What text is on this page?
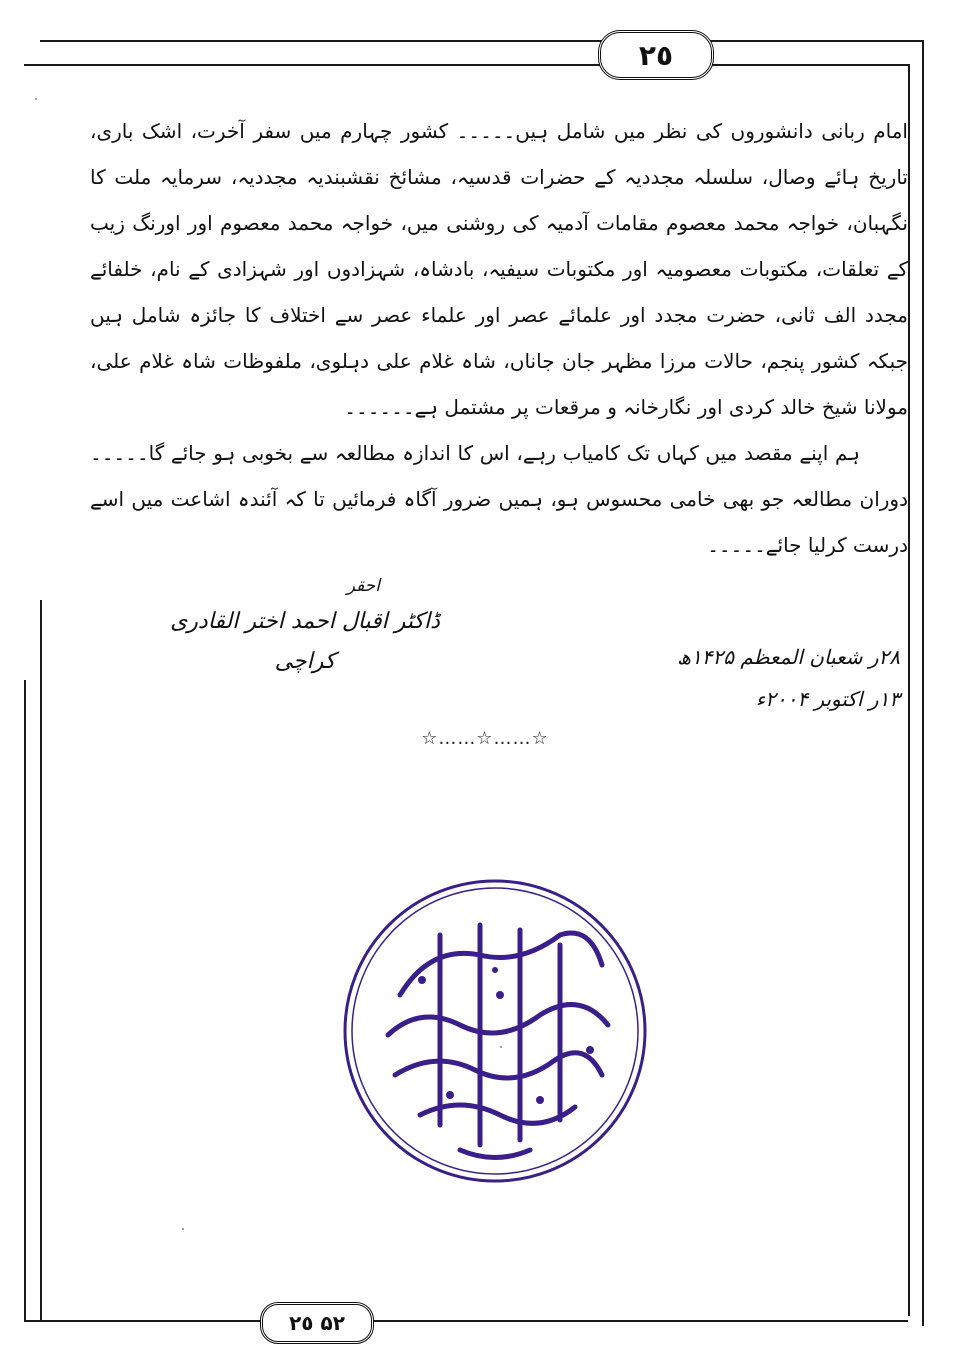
٢٥

امام ربانی دانشوروں کی نظر میں شامل ہیں۔۔۔۔۔ کشور چہارم میں سفر آخرت، اشک باری، تاریخ ہائے وصال، سلسلہ مجددیہ کے حضرات قدسیہ، مشائخ نقشبندیہ مجددیہ، سرمایہ ملت کا نگہبان، خواجہ محمد معصوم مقامات آدمیہ کی روشنی میں، خواجہ محمد معصوم اور اورنگ زیب کے تعلقات، مکتوبات معصومیہ اور مکتوبات سیفیہ، بادشاہ، شہزادوں اور شہزادی کے نام، خلفائے مجدد الف ثانی، حضرت مجدد اور علمائے عصر اور علماء عصر سے اختلاف کا جائزہ شامل ہیں جبکہ کشور پنجم، حالات مرزا مظہر جان جاناں، شاہ غلام علی دہلوی، ملفوظات شاہ غلام علی، مولانا شیخ خالد کردی اور نگارخانہ و مرقعات پر مشتمل ہے۔۔۔۔۔۔

ہم اپنے مقصد میں کہاں تک کامیاب رہے، اس کا اندازہ مطالعہ سے بخوبی ہو جائے گا۔۔۔۔۔ دوران مطالعہ جو بھی خامی محسوس ہو، ہمیں ضرور آگاہ فرمائیں تا کہ آئندہ اشاعت میں اسے درست کرلیا جائے۔۔۔۔۔

احقر
ڈاکٹر اقبال احمد اختر القادری
کراچی	۲۸ر شعبان المعظم ۱۴۲۵ھ
۱۳ر اکتوبر ۲۰۰۴ء
☆……☆……☆
٢٥ ۵٢
